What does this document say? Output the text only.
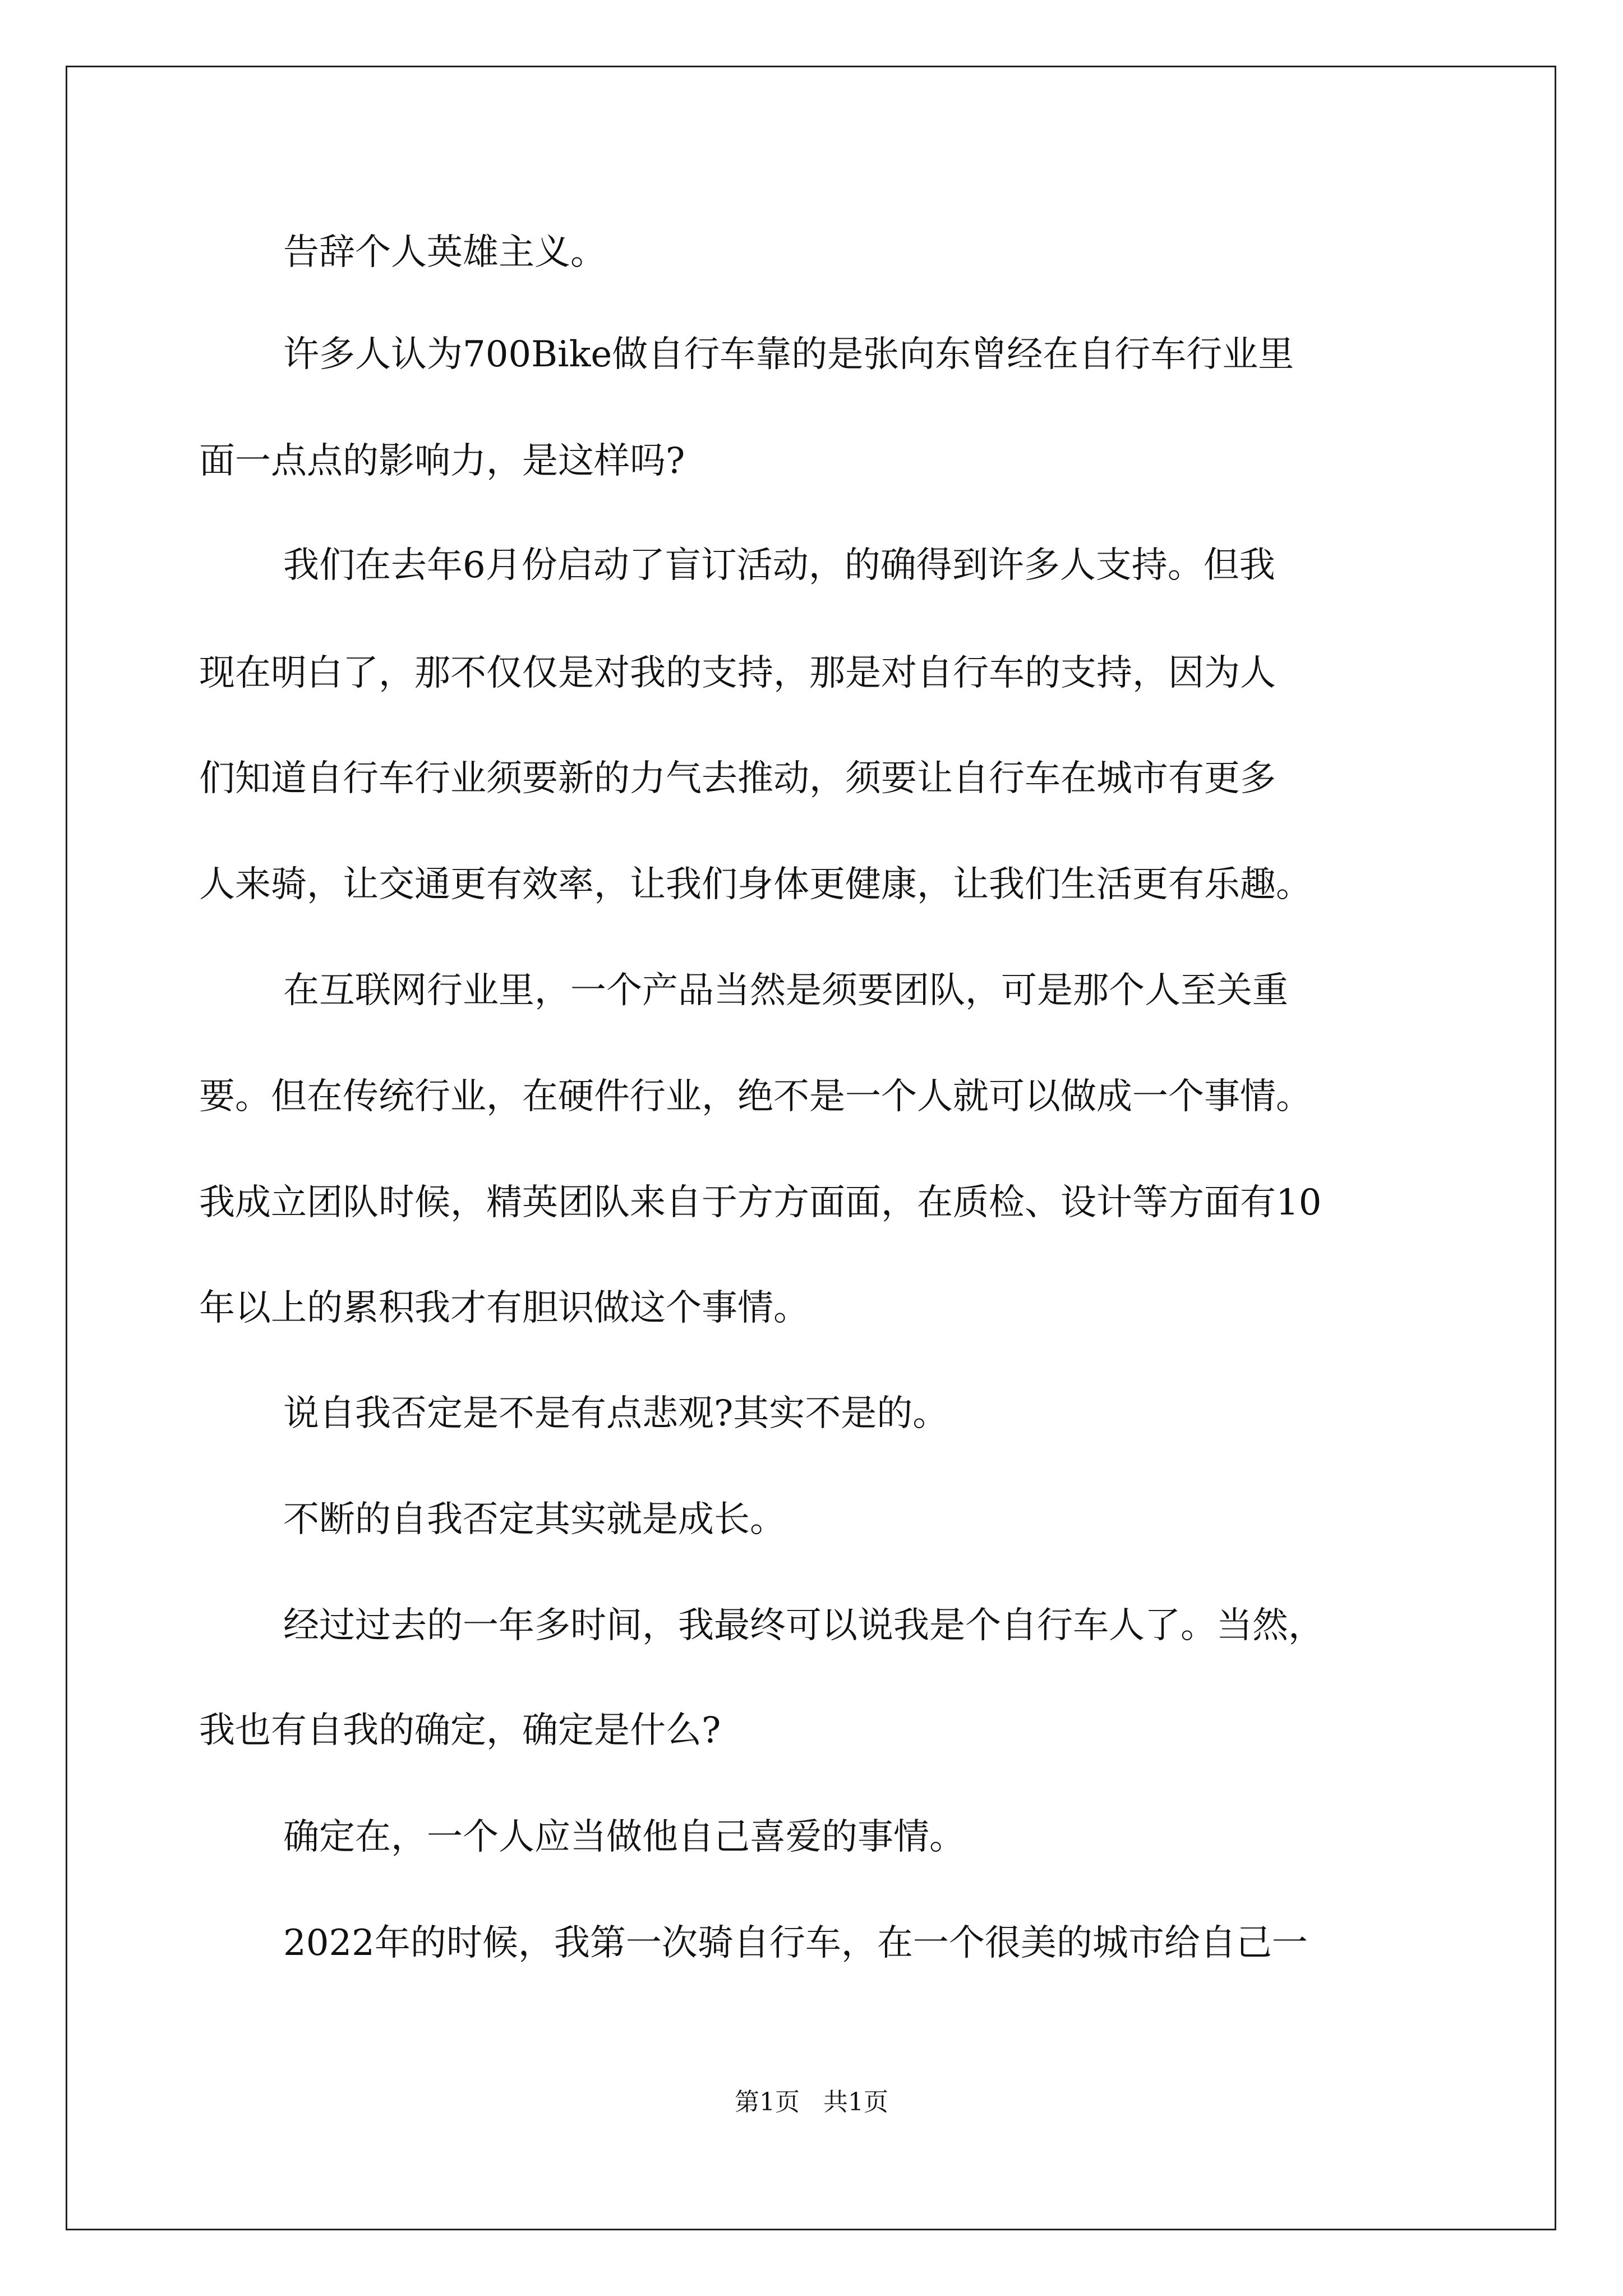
告辞个人英雄主义。
许多人认为700Bike做自行车靠的是张向东曾经在自行车行业里
面一点点的影响力，是这样吗?
我们在去年6月份启动了盲订活动，的确得到许多人支持。但我
现在明白了，那不仅仅是对我的支持，那是对自行车的支持，因为人
们知道自行车行业须要新的力气去推动，须要让自行车在城市有更多
人来骑，让交通更有效率，让我们身体更健康，让我们生活更有乐趣。
在互联网行业里，一个产品当然是须要团队，可是那个人至关重
要。但在传统行业，在硬件行业，绝不是一个人就可以做成一个事情。
我成立团队时候，精英团队来自于方方面面，在质检、设计等方面有10
年以上的累积我才有胆识做这个事情。
说自我否定是不是有点悲观?其实不是的。
不断的自我否定其实就是成长。
经过过去的一年多时间，我最终可以说我是个自行车人了。当然，
我也有自我的确定，确定是什么?
确定在，一个人应当做他自己喜爱的事情。
2022年的时候，我第一次骑自行车，在一个很美的城市给自己一
第1页   共1页
